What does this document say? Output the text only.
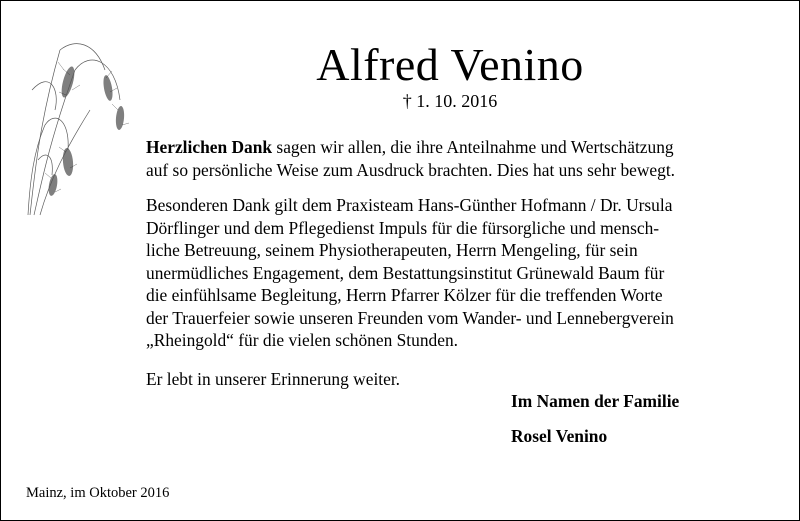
Alfred Venino
† 1. 10. 2016
Herzlichen Dank sagen wir allen, die ihre Anteilnahme und Wertschätzung
auf so persönliche Weise zum Ausdruck brachten. Dies hat uns sehr bewegt.
Besonderen Dank gilt dem Praxisteam Hans-Günther Hofmann / Dr. Ursula
Dörflinger und dem Pflegedienst Impuls für die fürsorgliche und mensch-
liche Betreuung, seinem Physiotherapeuten, Herrn Mengeling, für sein
unermüdliches Engagement, dem Bestattungsinstitut Grünewald Baum für
die einfühlsame Begleitung, Herrn Pfarrer Kölzer für die treffenden Worte
der Trauerfeier sowie unseren Freunden vom Wander- und Lennebergverein
„Rheingold“ für die vielen schönen Stunden.
Er lebt in unserer Erinnerung weiter.
Im Namen der Familie
Rosel Venino
Mainz, im Oktober 2016
